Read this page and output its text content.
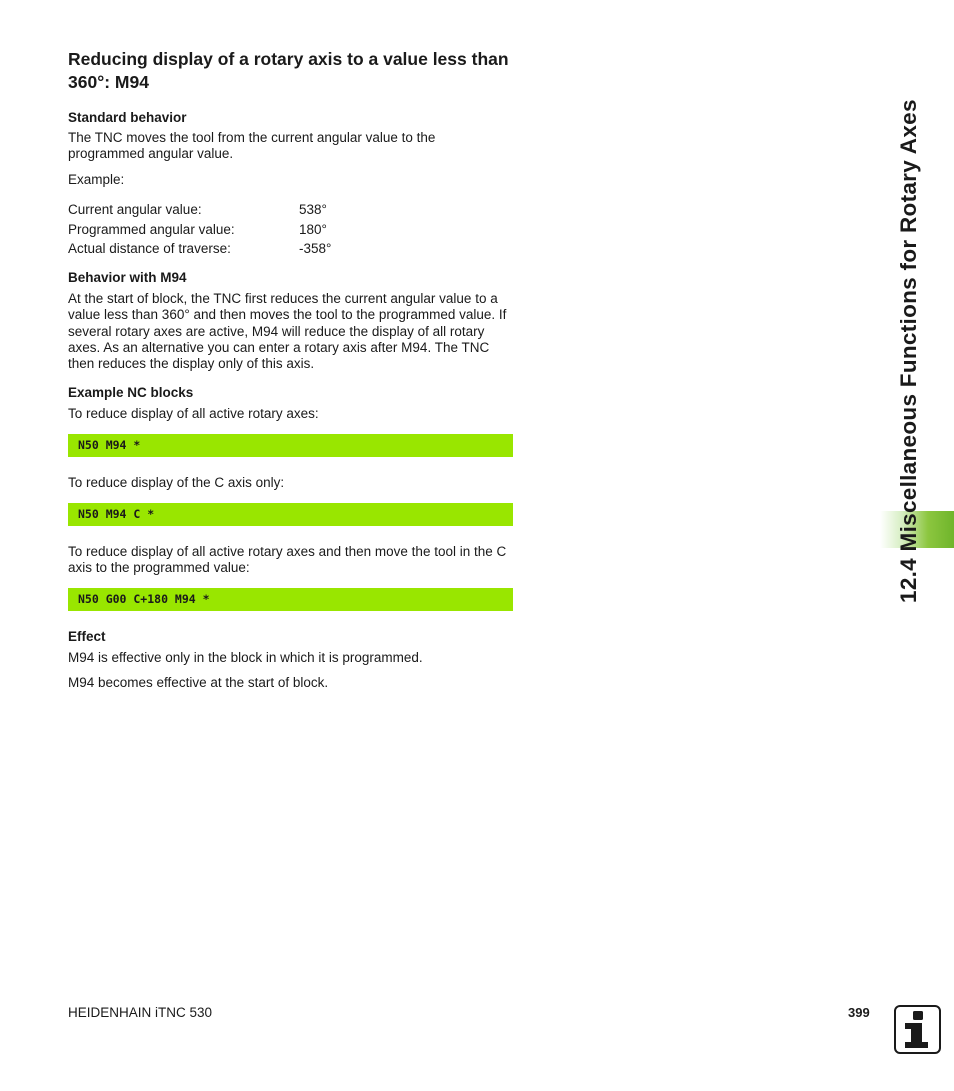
Reducing display of a rotary axis to a value less than 360°: M94

Standard behavior

The TNC moves the tool from the current angular value to the programmed angular value.

Example:

Current angular value:	538°
Programmed angular value:	180°
Actual distance of traverse:	-358°

Behavior with M94

At the start of block, the TNC first reduces the current angular value to a value less than 360° and then moves the tool to the programmed value. If several rotary axes are active, M94 will reduce the display of all rotary axes. As an alternative you can enter a rotary axis after M94. The TNC then reduces the display only of this axis.

Example NC blocks

To reduce display of all active rotary axes:

N50 M94 *

To reduce display of the C axis only:

N50 M94 C *

To reduce display of all active rotary axes and then move the tool in the C axis to the programmed value:

N50 G00 C+180 M94 *

Effect

M94 is effective only in the block in which it is programmed.

M94 becomes effective at the start of block.

12.4 Miscellaneous Functions for Rotary Axes
HEIDENHAIN iTNC 530	399
